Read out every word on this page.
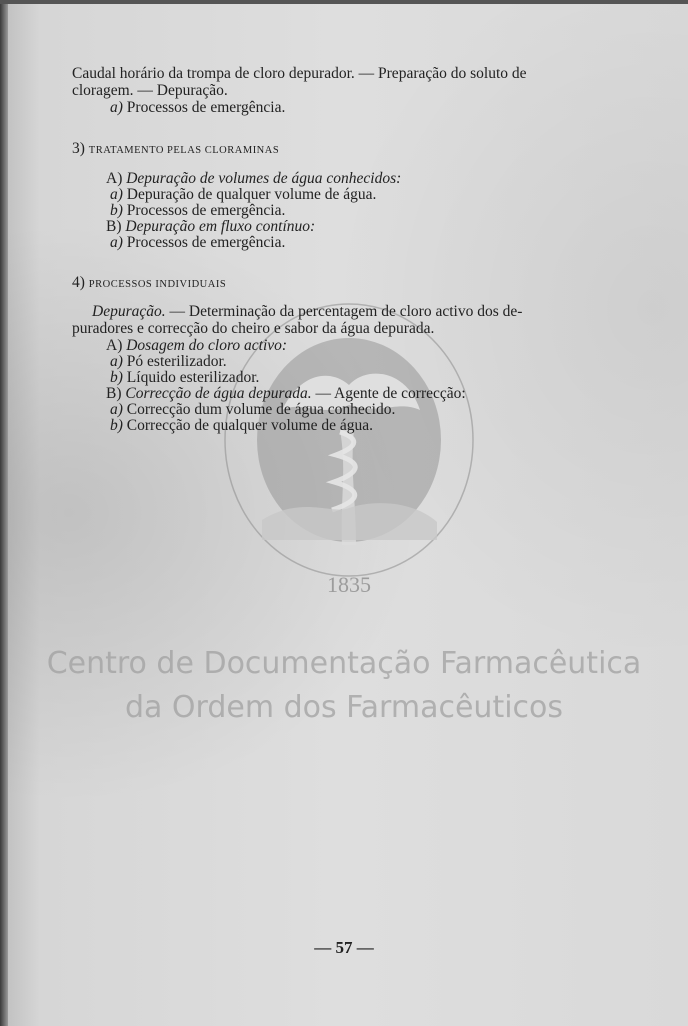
1835
Centro de Documentação Farmacêutica
da Ordem dos Farmacêuticos
Caudal horário da trompa de cloro depurador. — Preparação do soluto de
cloragem. — Depuração.
a) Processos de emergência.
3) TRATAMENTO PELAS CLORAMINAS
A) Depuração de volumes de água conhecidos:
a) Depuração de qualquer volume de água.
b) Processos de emergência.
B) Depuração em fluxo contínuo:
a) Processos de emergência.
4) PROCESSOS INDIVIDUAIS
Depuração. — Determinação da percentagem de cloro activo dos de-
puradores e correcção do cheiro e sabor da água depurada.
A) Dosagem do cloro activo:
a) Pó esterilizador.
b) Líquido esterilizador.
B) Correcção de água depurada. — Agente de correcção:
a) Correcção dum volume de água conhecido.
b) Correcção de qualquer volume de água.
— 57 —
